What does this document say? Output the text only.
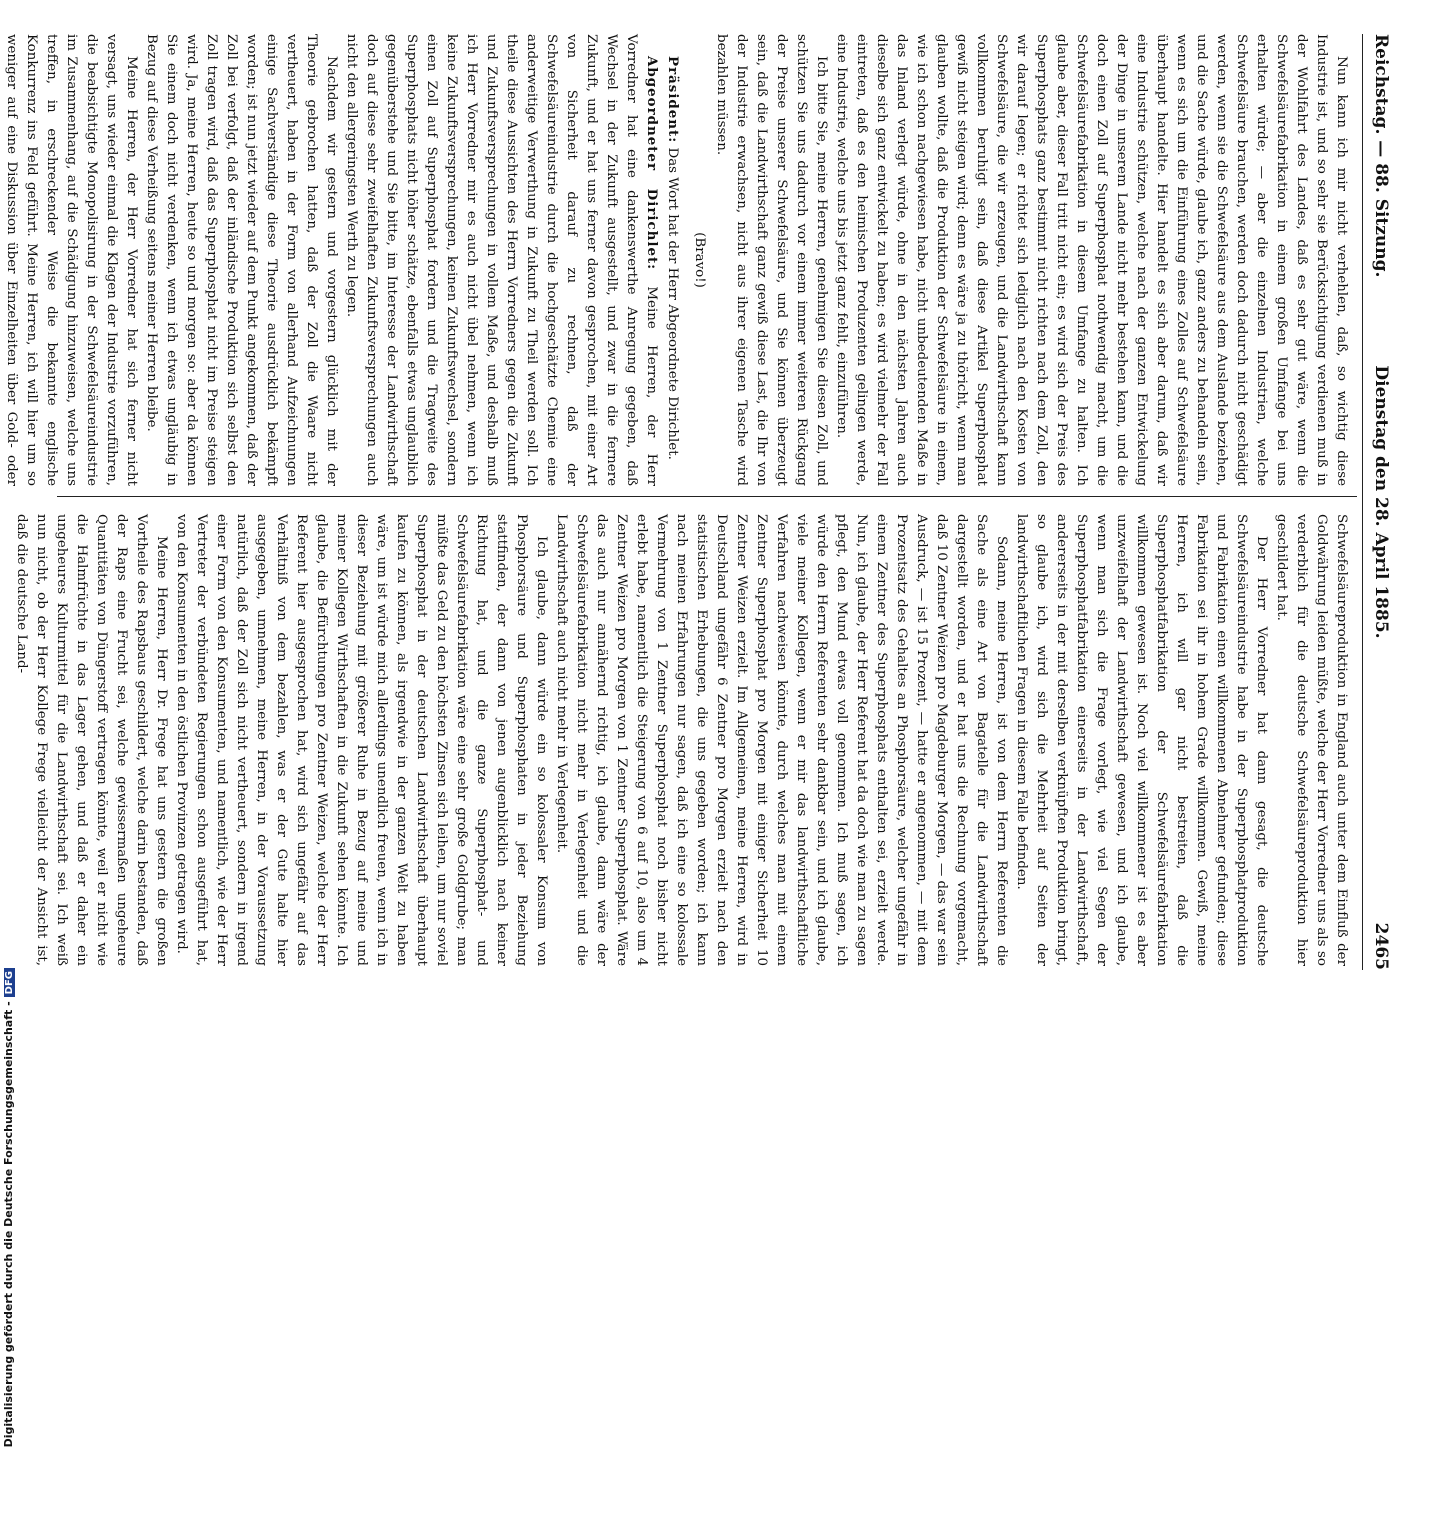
Reichstag. — 88. Sitzung.
Dienstag den 28. April 1885.
2465

Nun kann ich mir nicht verhehlen, daß, so wichtig diese Industrie ist, und so sehr sie Berücksichtigung verdienen muß in der Wohlfahrt des Landes, daß es sehr gut wäre, wenn die Schwefelsäurefabrikation in einem großen Umfange bei uns erhalten würde; — aber die einzelnen Industrien, welche Schwefelsäure brauchen, werden doch dadurch nicht geschädigt werden, wenn sie die Schwefelsäure aus dem Auslande beziehen, und die Sache würde, glaube ich, ganz anders zu behandeln sein, wenn es sich um die Einführung eines Zolles auf Schwefelsäure überhaupt handelte. Hier handelt es sich aber darum, daß wir eine Industrie schützen, welche nach der ganzen Entwickelung der Dinge in unserem Lande nicht mehr bestehen kann, und die doch einen Zoll auf Superphosphat nothwendig macht, um die Schwefelsäurefabrikation in diesem Umfange zu halten. Ich glaube aber, dieser Fall tritt nicht ein; es wird sich der Preis des Superphosphats ganz bestimmt nicht richten nach dem Zoll, den wir darauf legen; er richtet sich lediglich nach den Kosten von Schwefelsäure, die wir erzeugen, und die Landwirthschaft kann vollkommen beruhigt sein, daß diese Artikel Superphosphat gewiß nicht steigen wird; denn es wäre ja zu thöricht, wenn man glauben wollte, daß die Produktion der Schwefelsäure in einem, wie ich schon nachgewiesen habe, nicht unbedeutenden Maße in das Inland verlegt würde, ohne in den nächsten Jahren auch dieselbe sich ganz entwickelt zu haben; es wird vielmehr der Fall eintreten, daß es den heimischen Produzenten gelingen werde, eine Industrie, welche uns bis jetzt ganz fehlt, einzuführen.

Ich bitte Sie, meine Herren, genehmigen Sie diesen Zoll, und schützen Sie uns dadurch vor einem immer weiteren Rückgang der Preise unserer Schwefelsäure, und Sie können überzeugt sein, daß die Landwirthschaft ganz gewiß diese Last, die Ihr von der Industrie erwachsen, nicht aus ihrer eigenen Tasche wird bezahlen müssen.

(Bravo!)

Präsident: Das Wort hat der Herr Abgeordnete Dirichlet.

Abgeordneter Dirichlet: Meine Herren, der Herr Vorredner hat eine dankenswerthe Anregung gegeben, daß Wechsel in der Zukunft ausgestellt, und zwar in die fernere Zukunft, und er hat uns ferner davon gesprochen, mit einer Art von Sicherheit darauf zu rechnen, daß der Schwefelsäureindustrie durch die hochgeschätzte Chemie eine anderweitige Verwerthung in Zukunft zu Theil werden soll. Ich theile diese Aussichten des Herrn Vorredners gegen die Zukunft und Zukunftsversprechungen in vollem Maße, und deshalb muß ich Herr Vorredner mir es auch nicht übel nehmen, wenn ich keine Zukunftsversprechungen, keinen Zukunftswechsel, sondern einen Zoll auf Superphosphat fordern und die Tragweite des Superphosphats nicht höher schätze, ebenfalls etwas unglaublich gegenüberstehe und Sie bitte, im Interesse der Landwirthschaft doch auf diese sehr zweifelhaften Zukunftsversprechungen auch nicht den allergeringsten Werth zu legen.

Nachdem wir gestern und vorgestern glücklich mit der Theorie gebrochen hatten, daß der Zoll die Waare nicht vertheuert, haben in der Form von allerhand Aufzeichnungen einige Sachverständige diese Theorie ausdrücklich bekämpft worden; ist nun jetzt wieder auf dem Punkt angekommen, daß der Zoll bei verfolgt, daß der inländische Produktion sich selbst den Zoll tragen wird, daß das Superphosphat nicht im Preise steigen wird. Ja, meine Herren, heute so und morgen so: aber da können Sie einem doch nicht verdenken, wenn ich etwas ungläubig in Bezug auf diese Verheißung seitens meiner Herren bleibe.

Meine Herren, der Herr Vorredner hat sich ferner nicht versagt, uns wieder einmal die Klagen der Industrie vorzuführen, die beabsichtigte Monopolisirung in der Schwefelsäureindustrie im Zusammenhang, auf die Schädigung hinzuweisen, welche uns treffen, in erschreckender Weise die bekannte englische Konkurrenz ins Feld geführt. Meine Herren, ich will hier um so weniger auf eine Diskussion über Einzelheiten über Gold- oder

Schwefelsäureproduktion in England auch unter dem Einfluß der Goldwährung leiden müßte, welche der Herr Vorredner uns als so verderblich für die deutsche Schwefelsäureproduktion hier geschildert hat.

Der Herr Vorredner hat dann gesagt, die deutsche Schwefelsäureindustrie habe in der Superphosphatproduktion und Fabrikation einen willkommenen Abnehmer gefunden; diese Fabrikation sei ihr in hohem Grade willkommen. Gewiß, meine Herren, ich will gar nicht bestreiten, daß die Superphosphatfabrikation der Schwefelsäurefabrikation willkommen gewesen ist. Noch viel willkommener ist es aber unzweifelhaft der Landwirthschaft gewesen, und ich glaube, wenn man sich die Frage vorlegt, wie viel Segen der Superphosphatfabrikation einerseits in der Landwirthschaft, andererseits in der mit derselben verknüpften Produktion bringt, so glaube ich, wird sich die Mehrheit auf Seiten der landwirthschaftlichen Fragen in diesem Falle befinden.

Sodann, meine Herren, ist von dem Herrn Referenten die Sache als eine Art von Bagatelle für die Landwirthschaft dargestellt worden, und er hat uns die Rechnung vorgemacht, daß 10 Zentner Weizen pro Magdeburger Morgen, — das war sein Ausdruck, — ist 15 Prozent, — hatte er angenommen, — mit dem Prozentsatz des Gehaltes an Phosphorsäure, welcher ungefähr in einem Zentner des Superphosphats enthalten sei, erzielt werde. Nun, ich glaube, der Herr Referent hat da doch wie man zu sagen pflegt, den Mund etwas voll genommen. Ich muß sagen, ich würde den Herrn Referenten sehr dankbar sein, und ich glaube, viele meiner Kollegen, wenn er mir das landwirthschaftliche Verfahren nachweisen könnte, durch welches man mit einem Zentner Superphosphat pro Morgen mit einiger Sicherheit 10 Zentner Weizen erzielt. Im Allgemeinen, meine Herren, wird in Deutschland ungefähr 6 Zentner pro Morgen erzielt nach den statistischen Erhebungen, die uns gegeben worden; ich kann nach meinen Erfahrungen nur sagen, daß ich eine so kolossale Vermehrung von 1 Zentner Superphosphat noch bisher nicht erlebt habe, namentlich die Steigerung von 6 auf 10, also um 4 Zentner Weizen pro Morgen von 1 Zentner Superphosphat. Wäre das auch nur annähernd richtig, ich glaube, dann wäre der Schwefelsäurefabrikation nicht mehr in Verlegenheit und die Landwirthschaft auch nicht mehr in Verlegenheit.

Ich glaube, dann würde ein so kolossaler Konsum von Phosphorsäure und Superphosphaten in jeder Beziehung stattfinden, der dann von jenen augenblicklich nach keiner Richtung hat, und die ganze Superphosphat- und Schwefelsäurefabrikation wäre eine sehr große Goldgrube; man müßte das Geld zu den höchsten Zinsen sich leihen, um nur soviel Superphosphat in der deutschen Landwirthschaft überhaupt kaufen zu können, als irgendwie in der ganzen Welt zu haben wäre, um ist würde mich allerdings unendlich freuen, wenn ich in dieser Beziehung mit größerer Ruhe in Bezug auf meine und meiner Kollegen Wirthschaften in die Zukunft sehen könnte. Ich glaube, die Befürchtungen pro Zentner Weizen, welche der Herr Referent hier ausgesprochen hat, wird sich ungefähr auf das Verhältniß von dem bezahlen, was er der Gute halte hier ausgegeben, umnehmen, meine Herren, in der Voraussetzung natürlich, daß der Zoll sich nicht vertheuert, sondern in irgend einer Form von den Konsumenten, und namentlich, wie der Herr Vertreter der verbündeten Regierungen schon ausgeführt hat, von den Konsumenten in den östlichen Provinzen getragen wird.

Meine Herren, Herr Dr. Frege hat uns gestern die großen Vortheile des Rapsbaus geschildert, welche darin bestanden, daß der Raps eine Frucht sei, welche gewissermaßen ungeheure Quantitäten von Düngerstoff vertragen könnte, weil er nicht wie die Halmfrüchte in das Lager gehen, und daß er daher ein ungeheures Kulturmittel für die Landwirthschaft sei. Ich weiß nun nicht, ob der Herr Kollege Frege vielleicht der Ansicht ist, daß die deutsche Land-

Digitalisierung gefördert durch die Deutsche Forschungsgemeinschaft -DFG
